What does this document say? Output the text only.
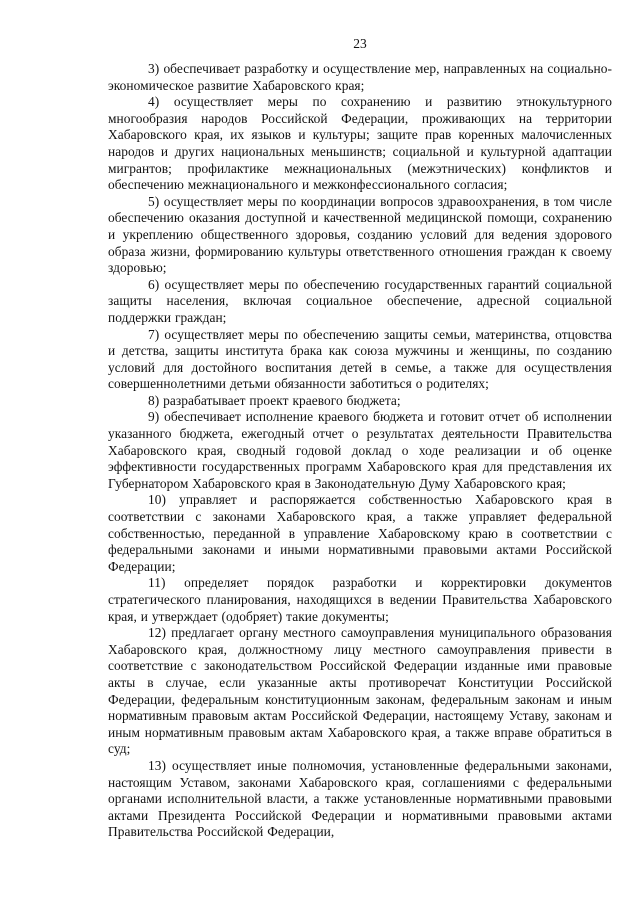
23

3) обеспечивает разработку и осуществление мер, направленных на социально-экономическое развитие Хабаровского края;

4) осуществляет меры по сохранению и развитию этнокультурного многообразия народов Российской Федерации, проживающих на территории Хабаровского края, их языков и культуры; защите прав коренных малочисленных народов и других национальных меньшинств; социальной и культурной адаптации мигрантов; профилактике межнациональных (межэтнических) конфликтов и обеспечению межнационального и межконфессионального согласия;

5) осуществляет меры по координации вопросов здравоохранения, в том числе обеспечению оказания доступной и качественной медицинской помощи, сохранению и укреплению общественного здоровья, созданию условий для ведения здорового образа жизни, формированию культуры ответственного отношения граждан к своему здоровью;

6) осуществляет меры по обеспечению государственных гарантий социальной защиты населения, включая социальное обеспечение, адресной социальной поддержки граждан;

7) осуществляет меры по обеспечению защиты семьи, материнства, отцовства и детства, защиты института брака как союза мужчины и женщины, по созданию условий для достойного воспитания детей в семье, а также для осуществления совершеннолетними детьми обязанности заботиться о родителях;

8) разрабатывает проект краевого бюджета;

9) обеспечивает исполнение краевого бюджета и готовит отчет об исполнении указанного бюджета, ежегодный отчет о результатах деятельности Правительства Хабаровского края, сводный годовой доклад о ходе реализации и об оценке эффективности государственных программ Хабаровского края для представления их Губернатором Хабаровского края в Законодательную Думу Хабаровского края;

10) управляет и распоряжается собственностью Хабаровского края в соответствии с законами Хабаровского края, а также управляет федеральной собственностью, переданной в управление Хабаровскому краю в соответствии с федеральными законами и иными нормативными правовыми актами Российской Федерации;

11) определяет порядок разработки и корректировки документов стратегического планирования, находящихся в ведении Правительства Хабаровского края, и утверждает (одобряет) такие документы;

12) предлагает органу местного самоуправления муниципального образования Хабаровского края, должностному лицу местного самоуправления привести в соответствие с законодательством Российской Федерации изданные ими правовые акты в случае, если указанные акты противоречат Конституции Российской Федерации, федеральным конституционным законам, федеральным законам и иным нормативным правовым актам Российской Федерации, настоящему Уставу, законам и иным нормативным правовым актам Хабаровского края, а также вправе обратиться в суд;

13) осуществляет иные полномочия, установленные федеральными законами, настоящим Уставом, законами Хабаровского края, соглашениями с федеральными органами исполнительной власти, а также установленные нормативными правовыми актами Президента Российской Федерации и нормативными правовыми актами Правительства Российской Федерации,
